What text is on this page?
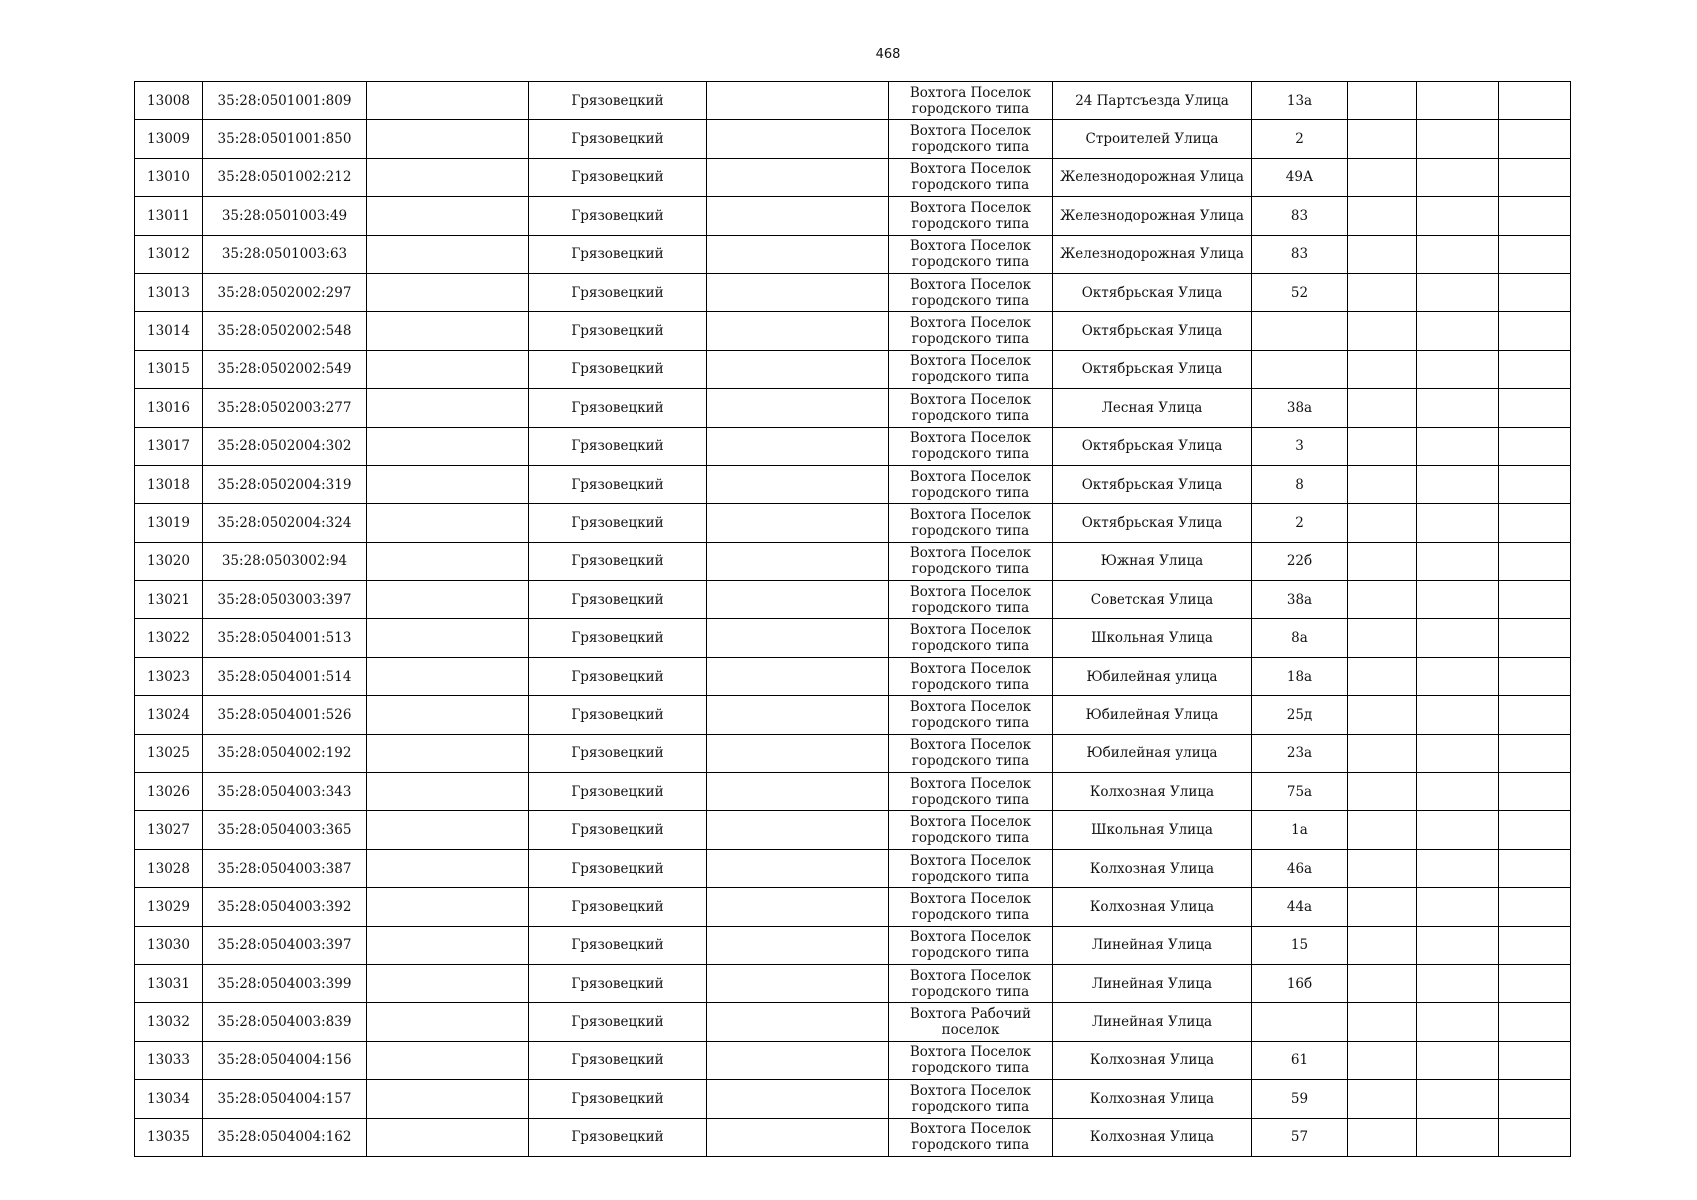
468
13008	35:28:0501001:809		Грязовецкий		Вохтога Поселок городского типа	24 Партсъезда Улица	13а			
13009	35:28:0501001:850		Грязовецкий		Вохтога Поселок городского типа	Строителей Улица	2			
13010	35:28:0501002:212		Грязовецкий		Вохтога Поселок городского типа	Железнодорожная Улица	49А			
13011	35:28:0501003:49		Грязовецкий		Вохтога Поселок городского типа	Железнодорожная Улица	83			
13012	35:28:0501003:63		Грязовецкий		Вохтога Поселок городского типа	Железнодорожная Улица	83			
13013	35:28:0502002:297		Грязовецкий		Вохтога Поселок городского типа	Октябрьская Улица	52			
13014	35:28:0502002:548		Грязовецкий		Вохтога Поселок городского типа	Октябрьская Улица				
13015	35:28:0502002:549		Грязовецкий		Вохтога Поселок городского типа	Октябрьская Улица				
13016	35:28:0502003:277		Грязовецкий		Вохтога Поселок городского типа	Лесная Улица	38а			
13017	35:28:0502004:302		Грязовецкий		Вохтога Поселок городского типа	Октябрьская Улица	3			
13018	35:28:0502004:319		Грязовецкий		Вохтога Поселок городского типа	Октябрьская Улица	8			
13019	35:28:0502004:324		Грязовецкий		Вохтога Поселок городского типа	Октябрьская Улица	2			
13020	35:28:0503002:94		Грязовецкий		Вохтога Поселок городского типа	Южная Улица	22б			
13021	35:28:0503003:397		Грязовецкий		Вохтога Поселок городского типа	Советская Улица	38а			
13022	35:28:0504001:513		Грязовецкий		Вохтога Поселок городского типа	Школьная Улица	8а			
13023	35:28:0504001:514		Грязовецкий		Вохтога Поселок городского типа	Юбилейная улица	18а			
13024	35:28:0504001:526		Грязовецкий		Вохтога Поселок городского типа	Юбилейная Улица	25д			
13025	35:28:0504002:192		Грязовецкий		Вохтога Поселок городского типа	Юбилейная улица	23а			
13026	35:28:0504003:343		Грязовецкий		Вохтога Поселок городского типа	Колхозная Улица	75а			
13027	35:28:0504003:365		Грязовецкий		Вохтога Поселок городского типа	Школьная Улица	1а			
13028	35:28:0504003:387		Грязовецкий		Вохтога Поселок городского типа	Колхозная Улица	46а			
13029	35:28:0504003:392		Грязовецкий		Вохтога Поселок городского типа	Колхозная Улица	44а			
13030	35:28:0504003:397		Грязовецкий		Вохтога Поселок городского типа	Линейная Улица	15			
13031	35:28:0504003:399		Грязовецкий		Вохтога Поселок городского типа	Линейная Улица	16б			
13032	35:28:0504003:839		Грязовецкий		Вохтога Рабочий поселок	Линейная Улица				
13033	35:28:0504004:156		Грязовецкий		Вохтога Поселок городского типа	Колхозная Улица	61			
13034	35:28:0504004:157		Грязовецкий		Вохтога Поселок городского типа	Колхозная Улица	59			
13035	35:28:0504004:162		Грязовецкий		Вохтога Поселок городского типа	Колхозная Улица	57			
